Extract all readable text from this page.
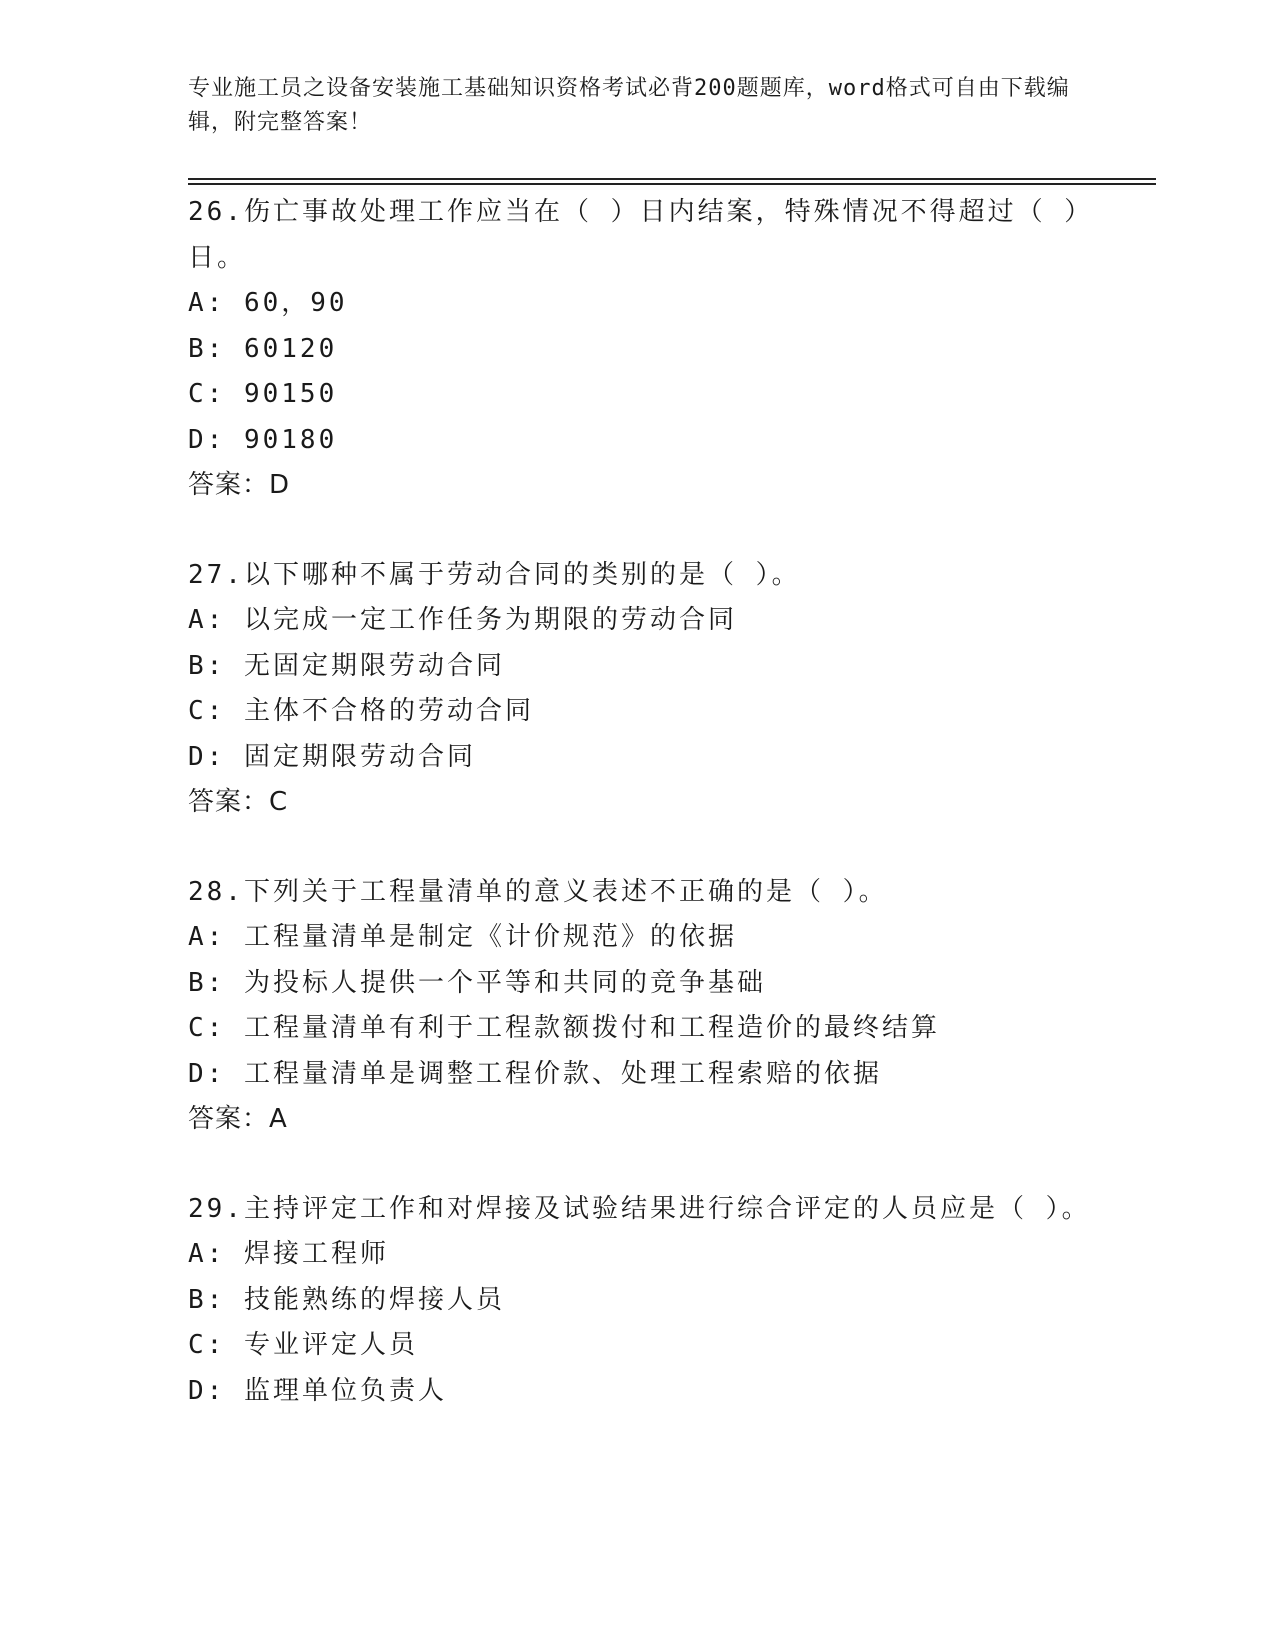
专业施工员之设备安装施工基础知识资格考试必背200题题库，word格式可自由下载编辑，附完整答案！
26.伤亡事故处理工作应当在（ ）日内结案，特殊情况不得超过（ ）日。
A: 60，90
B: 60120
C: 90150
D: 90180
答案：D
27.以下哪种不属于劳动合同的类别的是（ ）。
A: 以完成一定工作任务为期限的劳动合同
B: 无固定期限劳动合同
C: 主体不合格的劳动合同
D: 固定期限劳动合同
答案：C
28.下列关于工程量清单的意义表述不正确的是（ ）。
A: 工程量清单是制定《计价规范》的依据
B: 为投标人提供一个平等和共同的竞争基础
C: 工程量清单有利于工程款额拨付和工程造价的最终结算
D: 工程量清单是调整工程价款、处理工程索赔的依据
答案：A
29.主持评定工作和对焊接及试验结果进行综合评定的人员应是（ ）。
A: 焊接工程师
B: 技能熟练的焊接人员
C: 专业评定人员
D: 监理单位负责人
